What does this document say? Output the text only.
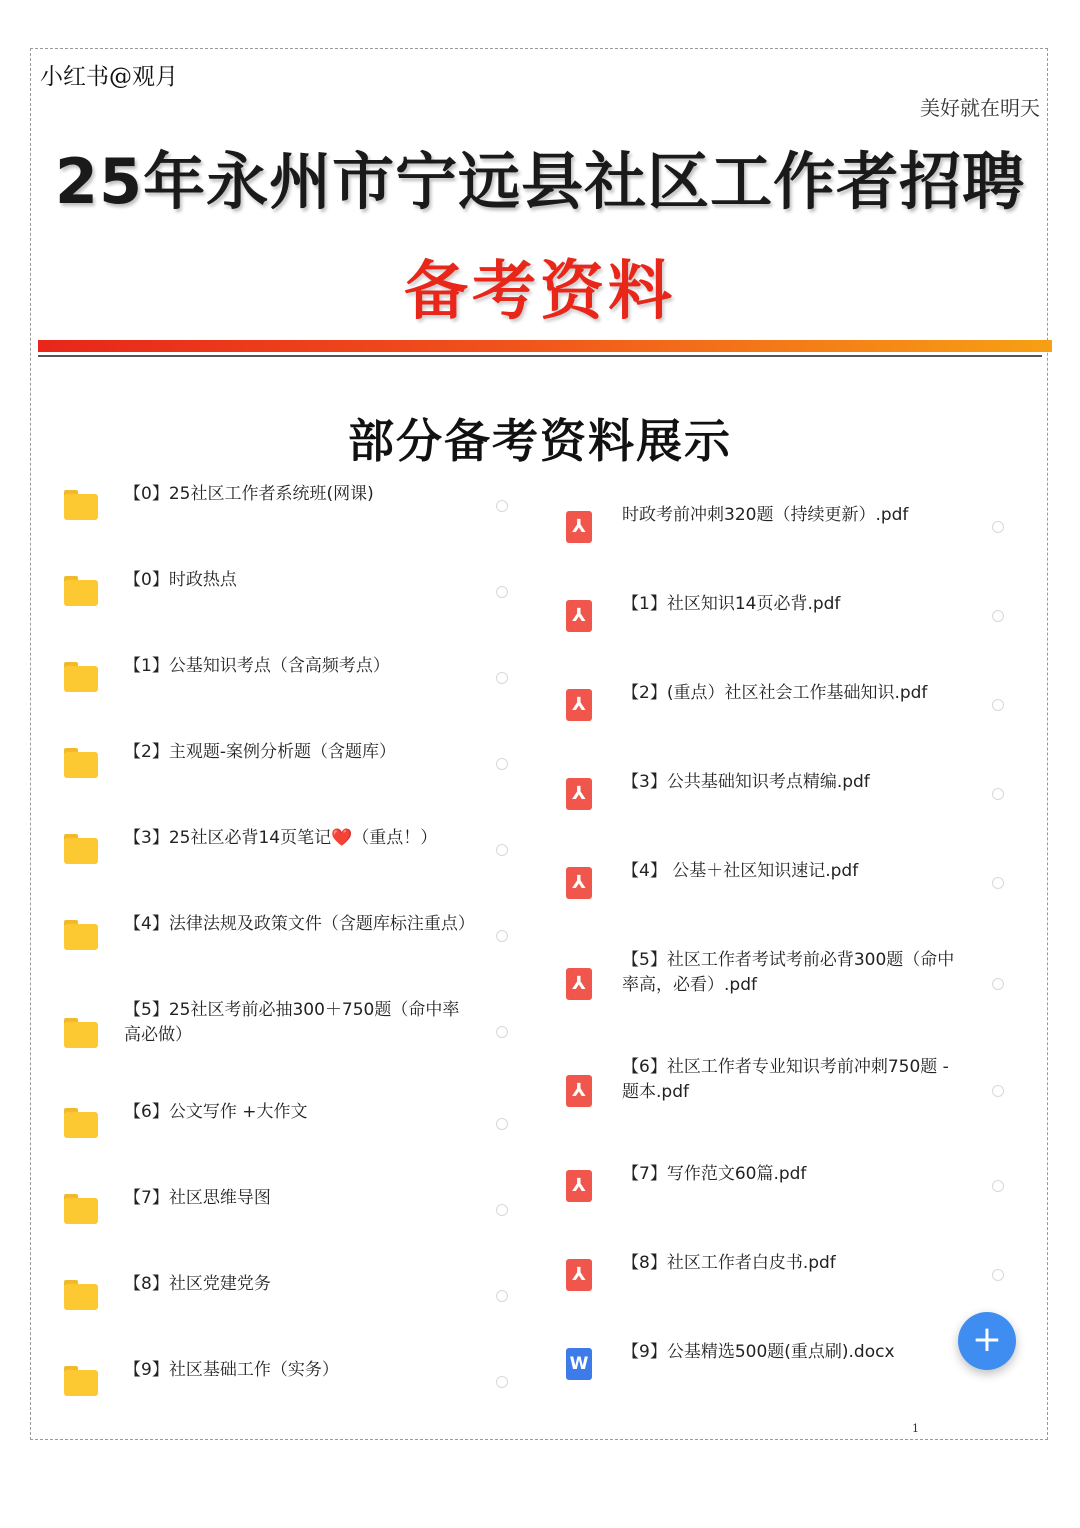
小红书@观月
美好就在明天
25年永州市宁远县社区工作者招聘
备考资料
部分备考资料展示
【0】25社区工作者系统班(网课)
【0】时政热点
【1】公基知识考点（含高频考点）
【2】主观题-案例分析题（含题库）
【3】25社区必背14页笔记❤️（重点！）
【4】法律法规及政策文件（含题库标注重点）
【5】25社区考前必抽300＋750题（命中率高必做）
【6】公文写作 +大作文
【7】社区思维导图
【8】社区党建党务
【9】社区基础工作（实务）
⅄
时政考前冲刺320题（持续更新）.pdf
⅄
【1】社区知识14页必背.pdf
⅄
【2】(重点）社区社会工作基础知识.pdf
⅄
【3】公共基础知识考点精编.pdf
⅄
【4】 公基＋社区知识速记.pdf
⅄
【5】社区工作者考试考前必背300题（命中率高，必看）.pdf
⅄
【6】社区工作者专业知识考前冲刺750题 - 题本.pdf
⅄
【7】写作范文60篇.pdf
⅄
【8】社区工作者白皮书.pdf
W
【9】公基精选500题(重点刷).docx	+
1
